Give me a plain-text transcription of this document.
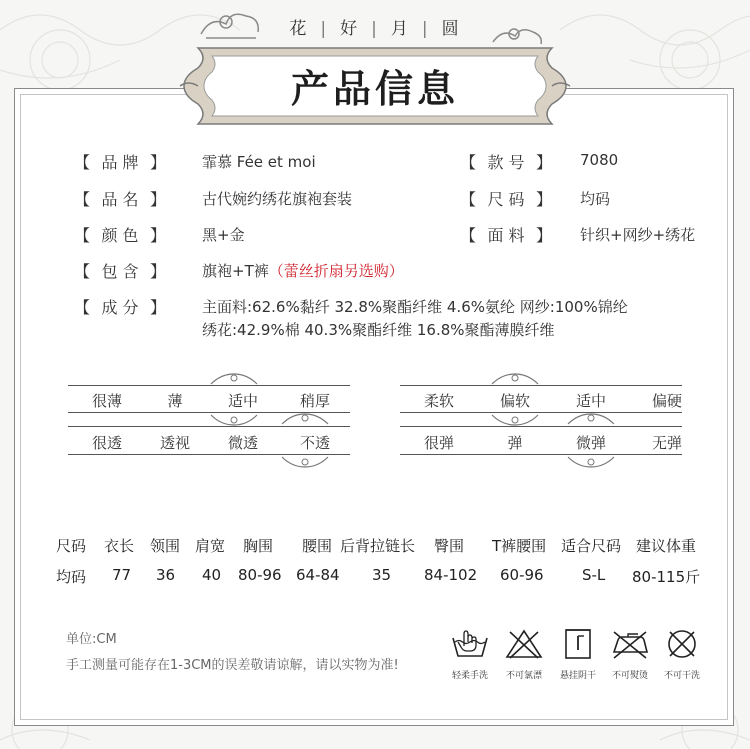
花 | 好 | 月 | 圆
产品信息
【 品 牌 】 霏慕 Fée et moi	【 款 号 】 7080
【 品 名 】 古代婉约绣花旗袍套装	【 尺 码 】 均码
【 颜 色 】 黑+金	【 面 料 】 针织+网纱+绣花
【 包 含 】 旗袍+T裤（蕾丝折扇另选购）
【 成 分 】 主面料:62.6%黏纤 32.8%聚酯纤维 4.6%氨纶 网纱:100%锦纶
绣花:42.9%棉 40.3%聚酯纤维 16.8%聚酯薄膜纤维
很薄	薄	适中	稍厚
很透	透视	微透	不透
柔软	偏软	适中	偏硬
很弹	弹	微弹	无弹
尺码 衣长 领围 肩宽 胸围 腰围 后背拉链长 臀围 T裤腰围 适合尺码 建议体重
均码 77 36 40 80-96 64-84 35 84-102 60-96	S-L 80-115斤
单位:CM
手工测量可能存在1-3CM的误差敬请谅解，请以实物为准!
轻柔手洗	不可氯漂	悬挂阴干	不可熨烫	不可干洗
